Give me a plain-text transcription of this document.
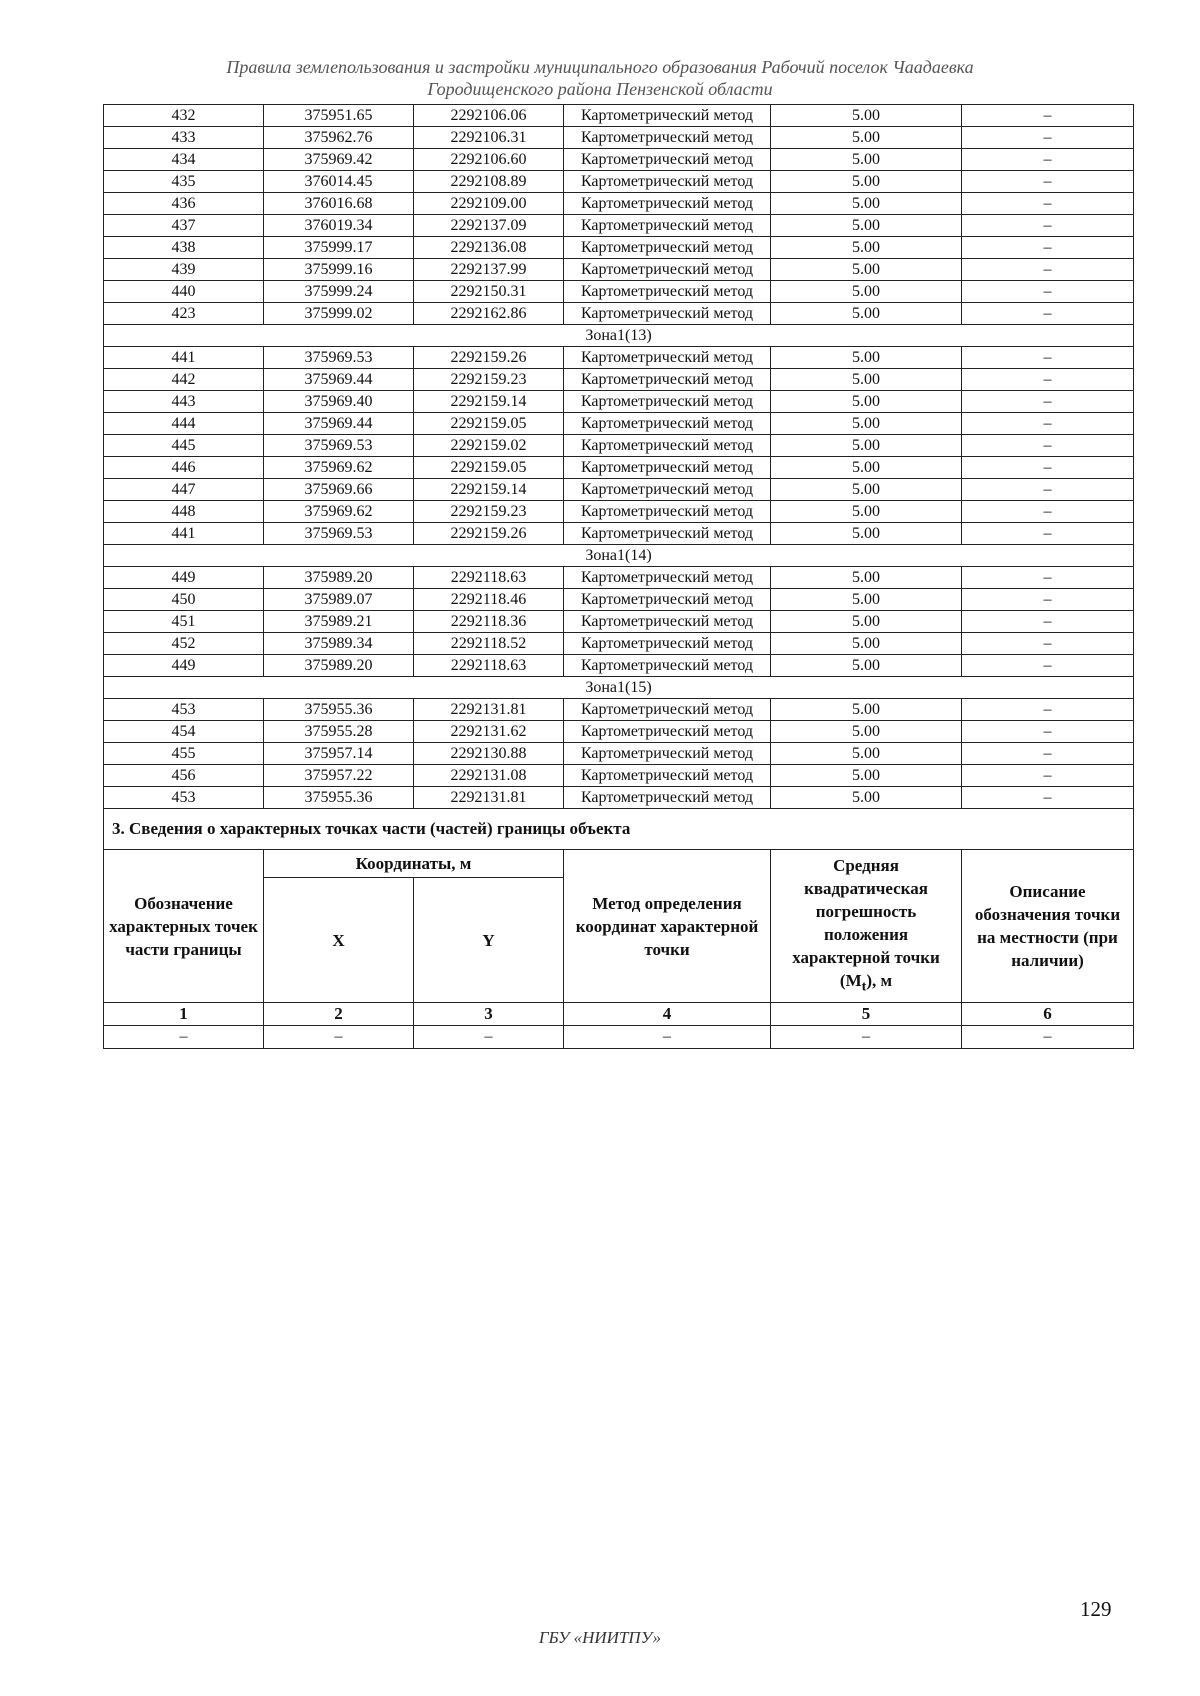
Правила землепользования и застройки муниципального образования Рабочий поселок Чаадаевка
Городищенского района Пензенской области
432	375951.65	2292106.06	Картометрический метод	5.00	–
433	375962.76	2292106.31	Картометрический метод	5.00	–
434	375969.42	2292106.60	Картометрический метод	5.00	–
435	376014.45	2292108.89	Картометрический метод	5.00	–
436	376016.68	2292109.00	Картометрический метод	5.00	–
437	376019.34	2292137.09	Картометрический метод	5.00	–
438	375999.17	2292136.08	Картометрический метод	5.00	–
439	375999.16	2292137.99	Картометрический метод	5.00	–
440	375999.24	2292150.31	Картометрический метод	5.00	–
423	375999.02	2292162.86	Картометрический метод	5.00	–
Зона1(13)					
441	375969.53	2292159.26	Картометрический метод	5.00	–
442	375969.44	2292159.23	Картометрический метод	5.00	–
443	375969.40	2292159.14	Картометрический метод	5.00	–
444	375969.44	2292159.05	Картометрический метод	5.00	–
445	375969.53	2292159.02	Картометрический метод	5.00	–
446	375969.62	2292159.05	Картометрический метод	5.00	–
447	375969.66	2292159.14	Картометрический метод	5.00	–
448	375969.62	2292159.23	Картометрический метод	5.00	–
441	375969.53	2292159.26	Картометрический метод	5.00	–
Зона1(14)					
449	375989.20	2292118.63	Картометрический метод	5.00	–
450	375989.07	2292118.46	Картометрический метод	5.00	–
451	375989.21	2292118.36	Картометрический метод	5.00	–
452	375989.34	2292118.52	Картометрический метод	5.00	–
449	375989.20	2292118.63	Картометрический метод	5.00	–
Зона1(15)					
453	375955.36	2292131.81	Картометрический метод	5.00	–
454	375955.28	2292131.62	Картометрический метод	5.00	–
455	375957.14	2292130.88	Картометрический метод	5.00	–
456	375957.22	2292131.08	Картометрический метод	5.00	–
453	375955.36	2292131.81	Картометрический метод	5.00	–
3. Сведения о характерных точках части (частей) границы объекта					
Обозначение характерных точек части границы	Координаты, м		Метод определения координат характерной точки	Средняя квадратическая погрешность положения характерной точки $(M_t)$, м	Описание обозначения точки на местности (при наличии)
	X	Y			
1	2	3	4	5	6
–	–	–	–	–	–
129
ГБУ «НИИТПУ»
